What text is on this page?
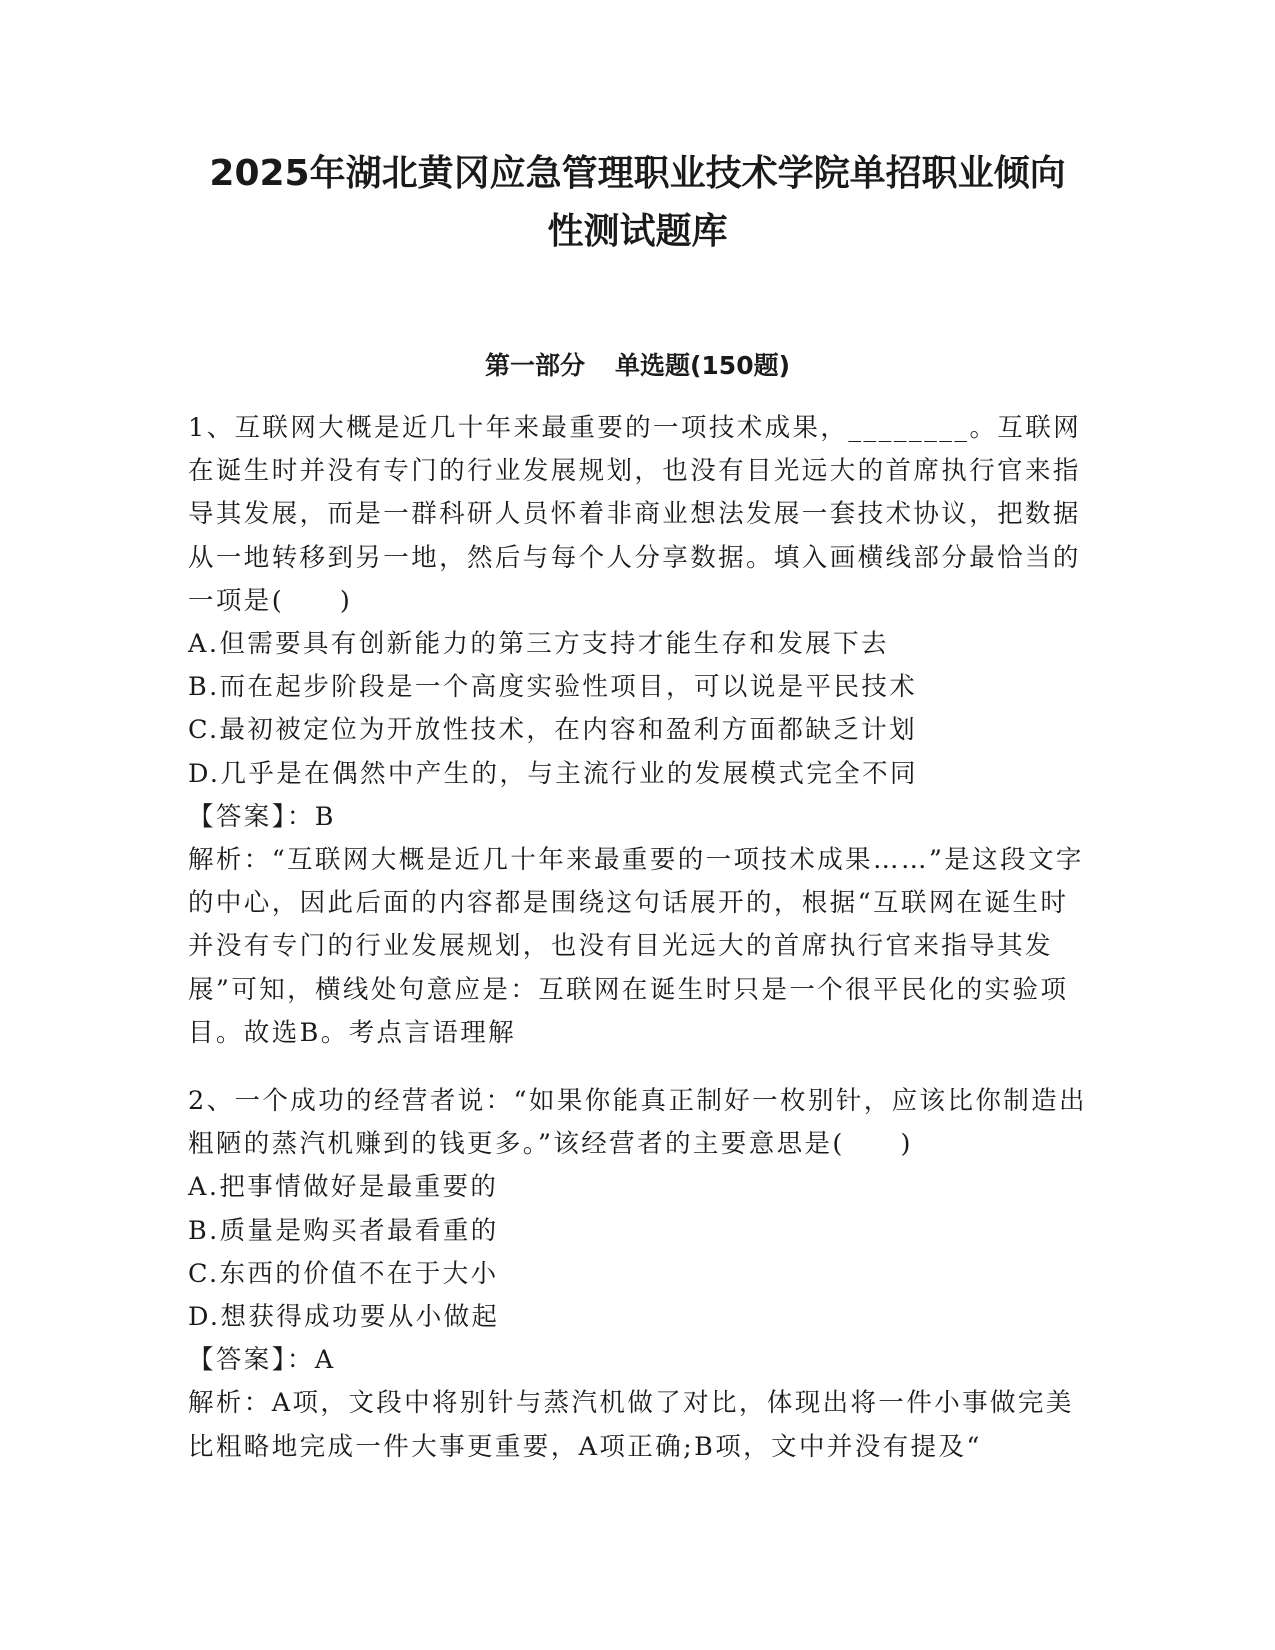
2025年湖北黄冈应急管理职业技术学院单招职业倾向
性测试题库
第一部分 单选题(150题)

1、互联网大概是近几十年来最重要的一项技术成果，________。互联网在诞生时并没有专门的行业发展规划，也没有目光远大的首席执行官来指导其发展，而是一群科研人员怀着非商业想法发展一套技术协议，把数据从一地转移到另一地，然后与每个人分享数据。填入画横线部分最恰当的一项是(　　)

A.但需要具有创新能力的第三方支持才能生存和发展下去

B.而在起步阶段是一个高度实验性项目，可以说是平民技术

C.最初被定位为开放性技术，在内容和盈利方面都缺乏计划

D.几乎是在偶然中产生的，与主流行业的发展模式完全不同

【答案】：B

解析：“互联网大概是近几十年来最重要的一项技术成果……”是这段文字的中心，因此后面的内容都是围绕这句话展开的，根据“互联网在诞生时并没有专门的行业发展规划，也没有目光远大的首席执行官来指导其发展”可知，横线处句意应是：互联网在诞生时只是一个很平民化的实验项目。故选B。考点言语理解

2、一个成功的经营者说：“如果你能真正制好一枚别针，应该比你制造出粗陋的蒸汽机赚到的钱更多。”该经营者的主要意思是(　　)

A.把事情做好是最重要的

B.质量是购买者最看重的

C.东西的价值不在于大小

D.想获得成功要从小做起

【答案】：A

解析：A项，文段中将别针与蒸汽机做了对比，体现出将一件小事做完美比粗略地完成一件大事更重要，A项正确;B项，文中并没有提及“
